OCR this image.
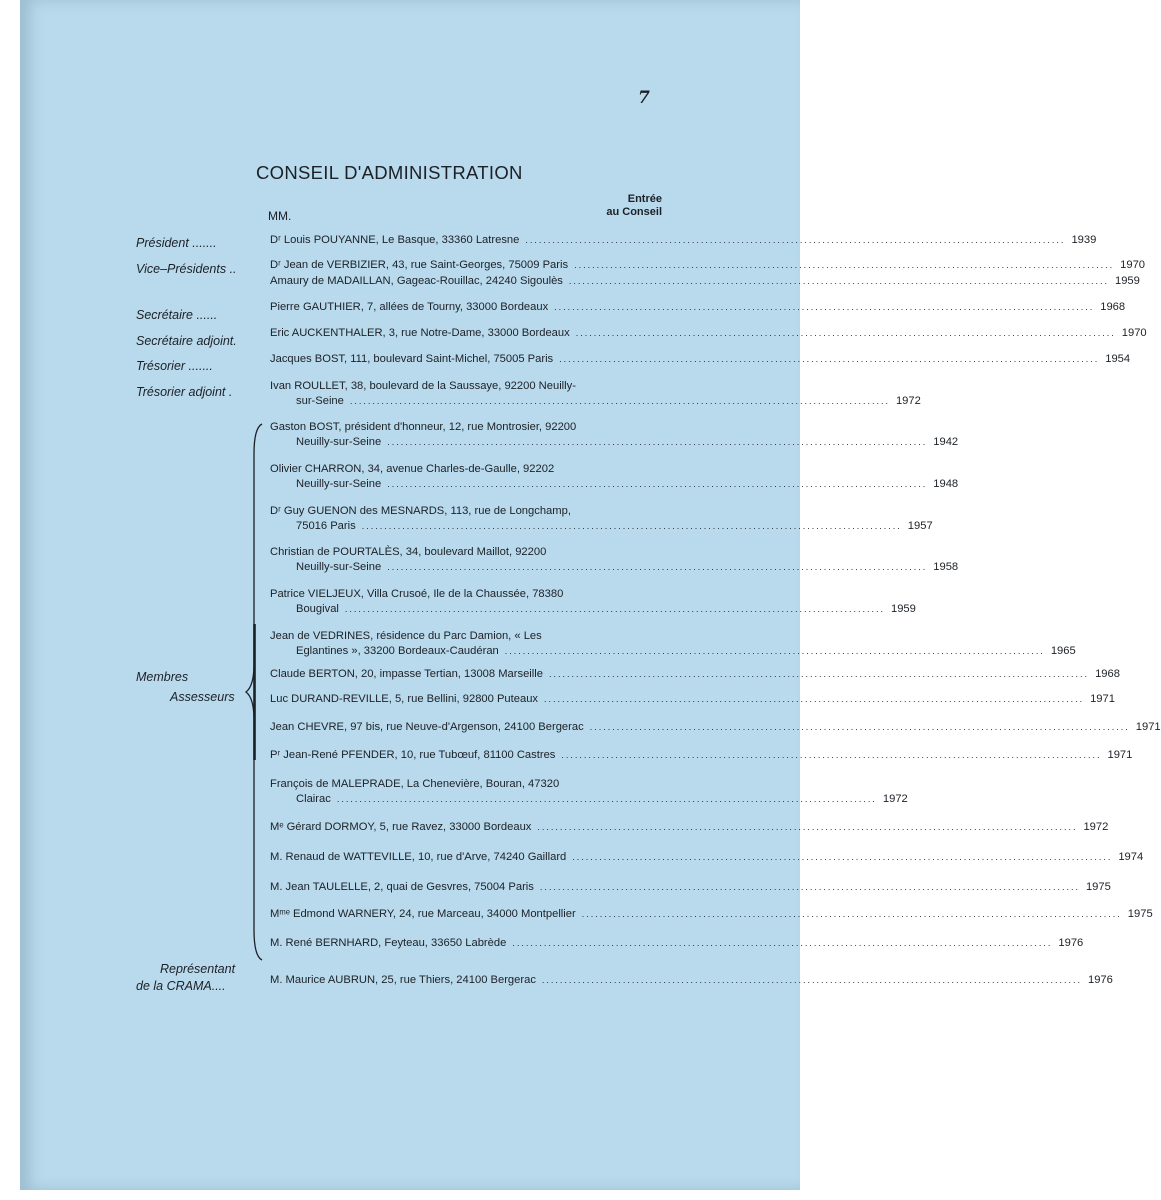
7
CONSEIL D'ADMINISTRATION
MM.
Entrée
au Conseil
Président .......
Vice–Présidents ..
Secrétaire ......
Secrétaire adjoint.
Trésorier .......
Trésorier adjoint .
Membres
Assesseurs
Représentant
de la CRAMA....
Dʳ Louis POUYANNE, Le Basque, 33360 Latresne ........................................................................................................................ 1939
Dʳ Jean de VERBIZIER, 43, rue Saint-Georges, 75009 Paris ........................................................................................................................ 1970
Amaury de MADAILLAN, Gageac-Rouillac, 24240 Sigoulès ........................................................................................................................ 1959
Pierre GAUTHIER, 7, allées de Tourny, 33000 Bordeaux ........................................................................................................................ 1968
Eric AUCKENTHALER, 3, rue Notre-Dame, 33000 Bordeaux ........................................................................................................................ 1970
Jacques BOST, 111, boulevard Saint-Michel, 75005 Paris ........................................................................................................................ 1954
Ivan ROULLET, 38, boulevard de la Saussaye, 92200 Neuilly-
sur-Seine ........................................................................................................................ 1972
Gaston BOST, président d'honneur, 12, rue Montrosier, 92200
Neuilly-sur-Seine ........................................................................................................................ 1942
Olivier CHARRON, 34, avenue Charles-de-Gaulle, 92202
Neuilly-sur-Seine ........................................................................................................................ 1948
Dʳ Guy GUENON des MESNARDS, 113, rue de Longchamp,
75016 Paris ........................................................................................................................ 1957
Christian de POURTALÈS, 34, boulevard Maillot, 92200
Neuilly-sur-Seine ........................................................................................................................ 1958
Patrice VIELJEUX, Villa Crusoé, Ile de la Chaussée, 78380
Bougival ........................................................................................................................ 1959
Jean de VEDRINES, résidence du Parc Damion, « Les
Eglantines », 33200 Bordeaux-Caudéran ........................................................................................................................ 1965
Claude BERTON, 20, impasse Tertian, 13008 Marseille ........................................................................................................................ 1968
Luc DURAND-REVILLE, 5, rue Bellini, 92800 Puteaux ........................................................................................................................ 1971
Jean CHEVRE, 97 bis, rue Neuve-d'Argenson, 24100 Bergerac ........................................................................................................................ 1971
Pʳ Jean-René PFENDER, 10, rue Tubœuf, 81100 Castres ........................................................................................................................ 1971
François de MALEPRADE, La Chenevière, Bouran, 47320
Clairac ........................................................................................................................ 1972
Mᵉ Gérard DORMOY, 5, rue Ravez, 33000 Bordeaux ........................................................................................................................ 1972
M. Renaud de WATTEVILLE, 10, rue d'Arve, 74240 Gaillard ........................................................................................................................ 1974
M. Jean TAULELLE, 2, quai de Gesvres, 75004 Paris ........................................................................................................................ 1975
Mᵐᵉ Edmond WARNERY, 24, rue Marceau, 34000 Montpellier ........................................................................................................................ 1975
M. René BERNHARD, Feyteau, 33650 Labrède ........................................................................................................................ 1976
M. Maurice AUBRUN, 25, rue Thiers, 24100 Bergerac ........................................................................................................................ 1976
